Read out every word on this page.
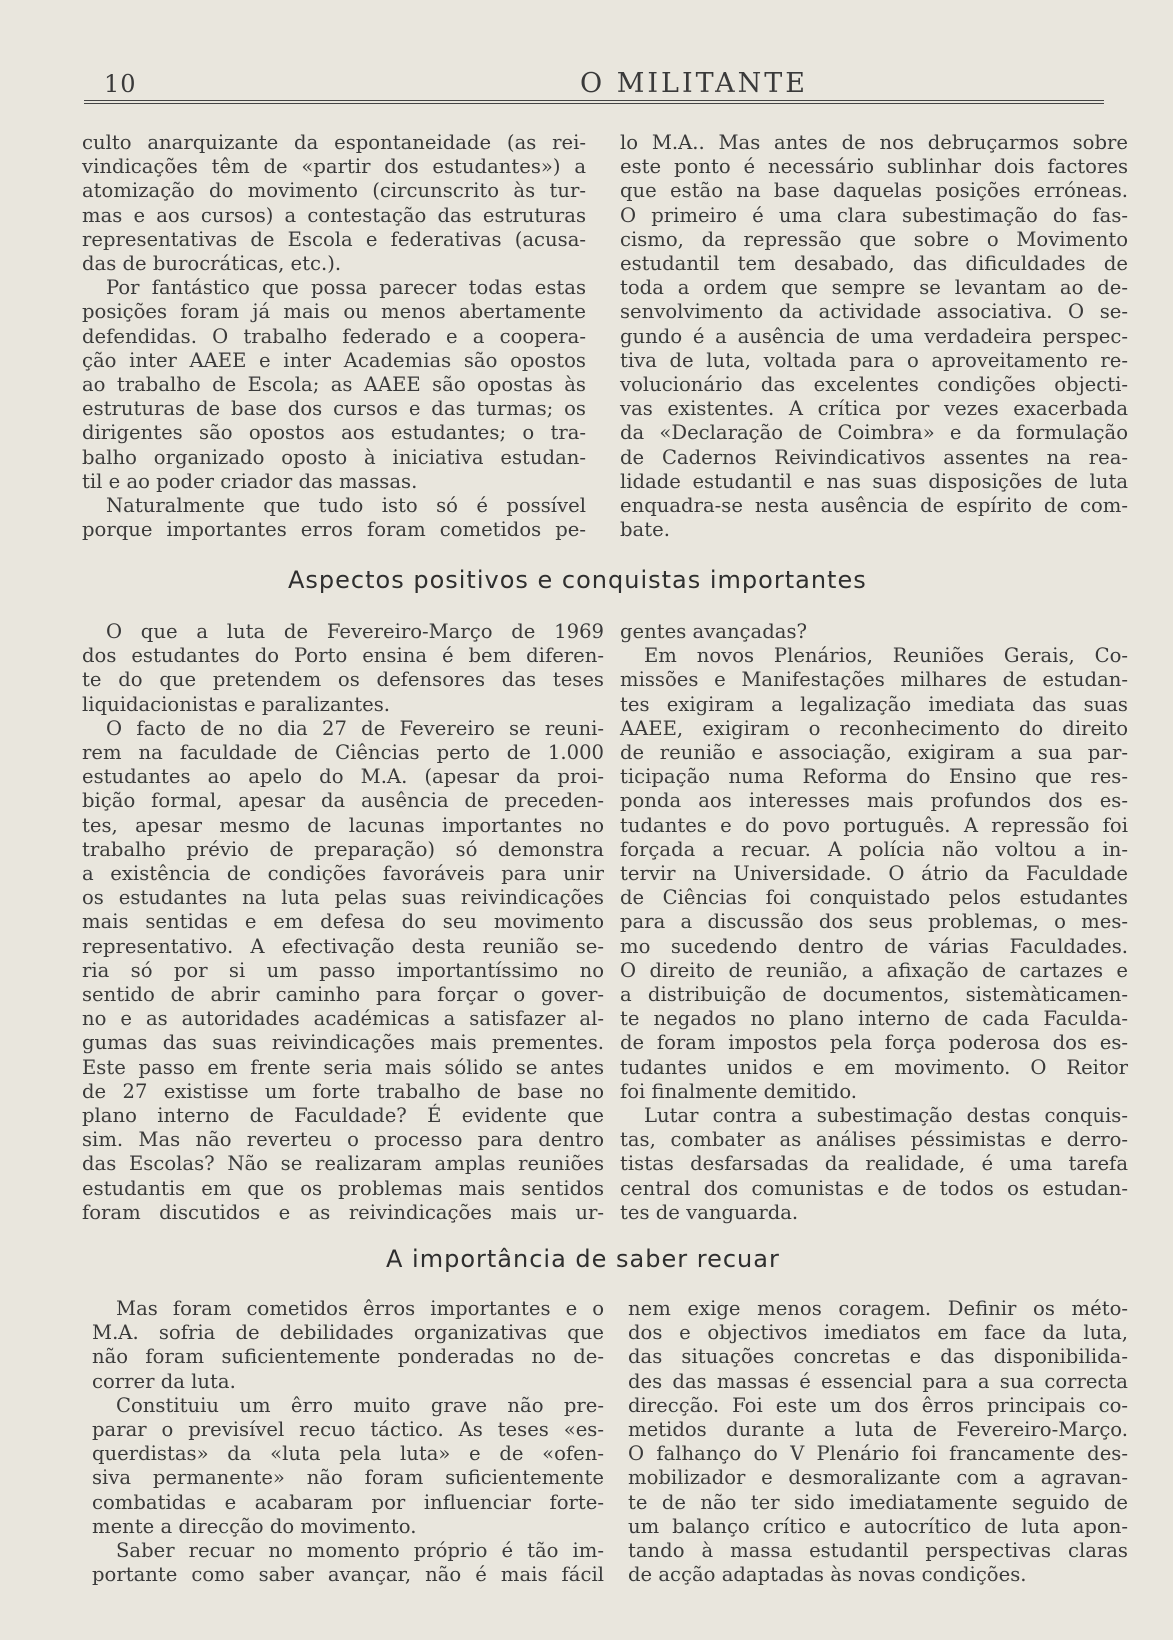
10	O MILITANTE
culto anarquizante da espontaneidade (as rei-
vindicações têm de «partir dos estudantes») a
atomização do movimento (circunscrito às tur-
mas e aos cursos) a contestação das estruturas
representativas de Escola e federativas (acusa-
das de burocráticas, etc.).
Por fantástico que possa parecer todas estas
posições foram já mais ou menos abertamente
defendidas. O trabalho federado e a coopera-
ção inter AAEE e inter Academias são opostos
ao trabalho de Escola; as AAEE são opostas às
estruturas de base dos cursos e das turmas; os
dirigentes são opostos aos estudantes; o tra-
balho organizado oposto à iniciativa estudan-
til e ao poder criador das massas.
Naturalmente que tudo isto só é possível
porque importantes erros foram cometidos pe-
lo M.A.. Mas antes de nos debruçarmos sobre
este ponto é necessário sublinhar dois factores
que estão na base daquelas posições erróneas.
O primeiro é uma clara subestimação do fas-
cismo, da repressão que sobre o Movimento
estudantil tem desabado, das dificuldades de
toda a ordem que sempre se levantam ao de-
senvolvimento da actividade associativa. O se-
gundo é a ausência de uma verdadeira perspec-
tiva de luta, voltada para o aproveitamento re-
volucionário das excelentes condições objecti-
vas existentes. A crítica por vezes exacerbada
da «Declaração de Coimbra» e da formulação
de Cadernos Reivindicativos assentes na rea-
lidade estudantil e nas suas disposições de luta
enquadra-se nesta ausência de espírito de com-
bate.
Aspectos positivos e conquistas importantes
O que a luta de Fevereiro-Março de 1969
dos estudantes do Porto ensina é bem diferen-
te do que pretendem os defensores das teses
liquidacionistas e paralizantes.
O facto de no dia 27 de Fevereiro se reuni-
rem na faculdade de Ciências perto de 1.000
estudantes ao apelo do M.A. (apesar da proi-
bição formal, apesar da ausência de preceden-
tes, apesar mesmo de lacunas importantes no
trabalho prévio de preparação) só demonstra
a existência de condições favoráveis para unir
os estudantes na luta pelas suas reivindicações
mais sentidas e em defesa do seu movimento
representativo. A efectivação desta reunião se-
ria só por si um passo importantíssimo no
sentido de abrir caminho para forçar o gover-
no e as autoridades académicas a satisfazer al-
gumas das suas reivindicações mais prementes.
Este passo em frente seria mais sólido se antes
de 27 existisse um forte trabalho de base no
plano interno de Faculdade? É evidente que
sim. Mas não reverteu o processo para dentro
das Escolas? Não se realizaram amplas reuniões
estudantis em que os problemas mais sentidos
foram discutidos e as reivindicações mais ur-
gentes avançadas?
Em novos Plenários, Reuniões Gerais, Co-
missões e Manifestações milhares de estudan-
tes exigiram a legalização imediata das suas
AAEE, exigiram o reconhecimento do direito
de reunião e associação, exigiram a sua par-
ticipação numa Reforma do Ensino que res-
ponda aos interesses mais profundos dos es-
tudantes e do povo português. A repressão foi
forçada a recuar. A polícia não voltou a in-
tervir na Universidade. O átrio da Faculdade
de Ciências foi conquistado pelos estudantes
para a discussão dos seus problemas, o mes-
mo sucedendo dentro de várias Faculdades.
O direito de reunião, a afixação de cartazes e
a distribuição de documentos, sistemàticamen-
te negados no plano interno de cada Faculda-
de foram impostos pela força poderosa dos es-
tudantes unidos e em movimento. O Reitor
foi finalmente demitido.
Lutar contra a subestimação destas conquis-
tas, combater as análises péssimistas e derro-
tistas desfarsadas da realidade, é uma tarefa
central dos comunistas e de todos os estudan-
tes de vanguarda.
A importância de saber recuar
Mas foram cometidos êrros importantes e o
M.A. sofria de debilidades organizativas que
não foram suficientemente ponderadas no de-
correr da luta.
Constituiu um êrro muito grave não pre-
parar o previsível recuo táctico. As teses «es-
querdistas» da «luta pela luta» e de «ofen-
siva permanente» não foram suficientemente
combatidas e acabaram por influenciar forte-
mente a direcção do movimento.
Saber recuar no momento próprio é tão im-
portante como saber avançar, não é mais fácil
nem exige menos coragem. Definir os méto-
dos e objectivos imediatos em face da luta,
das situações concretas e das disponibilida-
des das massas é essencial para a sua correcta
direcção. Foi este um dos êrros principais co-
metidos durante a luta de Fevereiro-Março.
O falhanço do V Plenário foi francamente des-
mobilizador e desmoralizante com a agravan-
te de não ter sido imediatamente seguido de
um balanço crítico e autocrítico de luta apon-
tando à massa estudantil perspectivas claras
de acção adaptadas às novas condições.
